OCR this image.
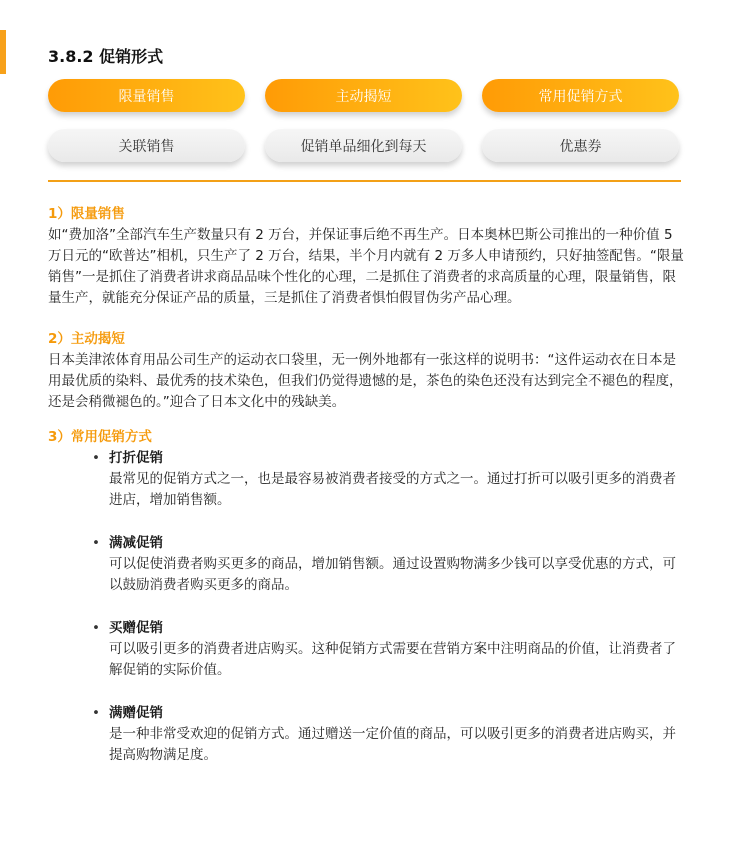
3.8.2 促销形式
限量销售	主动揭短	常用促销方式
关联销售	促销单品细化到每天	优惠券
1）限量销售
如“费加洛”全部汽车生产数量只有 2 万台，并保证事后绝不再生产。日本奥林巴斯公司推出的一种价值 5 万日元的“欧普达”相机，只生产了 2 万台，结果，半个月内就有 2 万多人申请预约，只好抽签配售。“限量销售”一是抓住了消费者讲求商品品味个性化的心理，二是抓住了消费者的求高质量的心理，限量销售，限量生产，就能充分保证产品的质量，三是抓住了消费者惧怕假冒伪劣产品心理。
2）主动揭短
日本美津浓体育用品公司生产的运动衣口袋里，无一例外地都有一张这样的说明书：“这件运动衣在日本是用最优质的染料、最优秀的技术染色，但我们仍觉得遗憾的是，茶色的染色还没有达到完全不褪色的程度，还是会稍微褪色的。”迎合了日本文化中的残缺美。
3）常用促销方式
• 打折促销
最常见的促销方式之一，也是最容易被消费者接受的方式之一。通过打折可以吸引更多的消费者进店，增加销售额。
• 满减促销
可以促使消费者购买更多的商品，增加销售额。通过设置购物满多少钱可以享受优惠的方式，可以鼓励消费者购买更多的商品。
• 买赠促销
可以吸引更多的消费者进店购买。这种促销方式需要在营销方案中注明商品的价值，让消费者了解促销的实际价值。
• 满赠促销
是一种非常受欢迎的促销方式。通过赠送一定价值的商品，可以吸引更多的消费者进店购买，并提高购物满足度。
